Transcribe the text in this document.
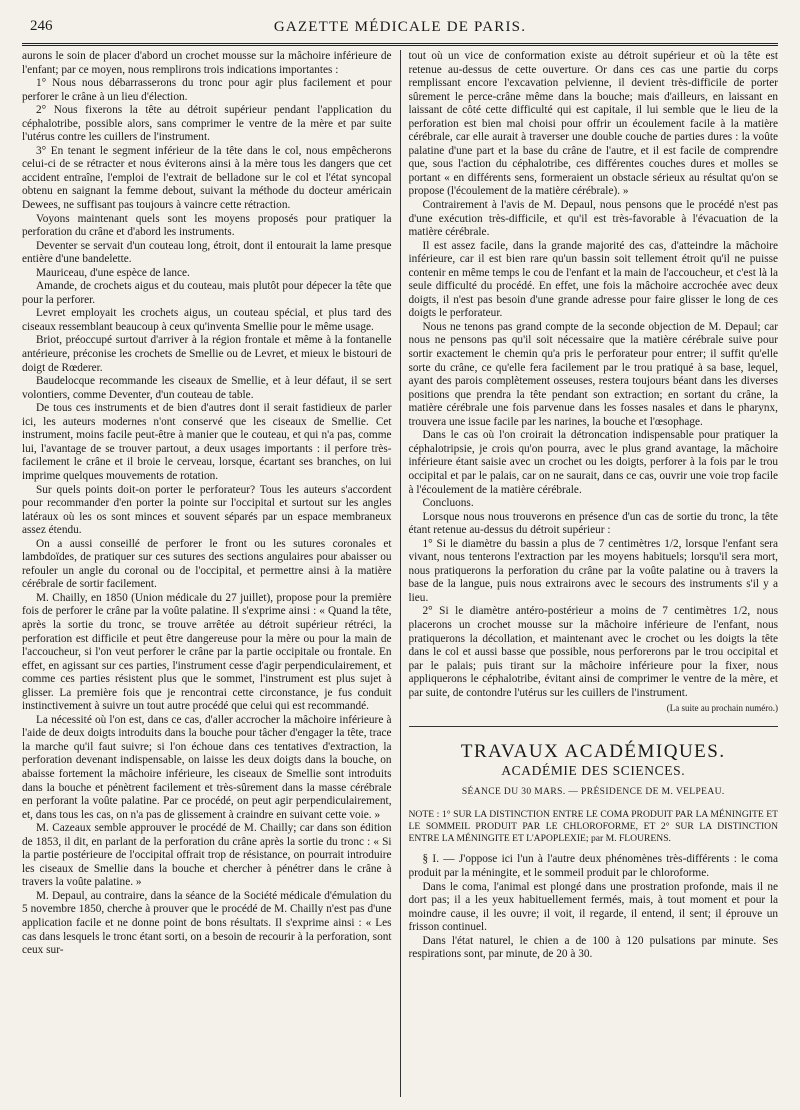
246	GAZETTE MÉDICALE DE PARIS.

aurons le soin de placer d'abord un crochet mousse sur la mâchoire inférieure de l'enfant; par ce moyen, nous remplirons trois indications importantes :

1° Nous nous débarrasserons du tronc pour agir plus facilement et pour perforer le crâne à un lieu d'élection.

2° Nous fixerons la tête au détroit supérieur pendant l'application du céphalotribe, possible alors, sans comprimer le ventre de la mère et par suite l'utérus contre les cuillers de l'instrument.

3° En tenant le segment inférieur de la tête dans le col, nous empêcherons celui-ci de se rétracter et nous éviterons ainsi à la mère tous les dangers que cet accident entraîne, l'emploi de l'extrait de belladone sur le col et l'état syncopal obtenu en saignant la femme debout, suivant la méthode du docteur américain Dewees, ne suffisant pas toujours à vaincre cette rétraction.

Voyons maintenant quels sont les moyens proposés pour pratiquer la perforation du crâne et d'abord les instruments.

Deventer se servait d'un couteau long, étroit, dont il entourait la lame presque entière d'une bandelette.

Mauriceau, d'une espèce de lance.

Amande, de crochets aigus et du couteau, mais plutôt pour dépecer la tête que pour la perforer.

Levret employait les crochets aigus, un couteau spécial, et plus tard des ciseaux ressemblant beaucoup à ceux qu'inventa Smellie pour le même usage.

Briot, préoccupé surtout d'arriver à la région frontale et même à la fontanelle antérieure, préconise les crochets de Smellie ou de Levret, et mieux le bistouri de doigt de Rœderer.

Baudelocque recommande les ciseaux de Smellie, et à leur défaut, il se sert volontiers, comme Deventer, d'un couteau de table.

De tous ces instruments et de bien d'autres dont il serait fastidieux de parler ici, les auteurs modernes n'ont conservé que les ciseaux de Smellie. Cet instrument, moins facile peut-être à manier que le couteau, et qui n'a pas, comme lui, l'avantage de se trouver partout, a deux usages importants : il perfore très-facilement le crâne et il broie le cerveau, lorsque, écartant ses branches, on lui imprime quelques mouvements de rotation.

Sur quels points doit-on porter le perforateur? Tous les auteurs s'accordent pour recommander d'en porter la pointe sur l'occipital et surtout sur les angles latéraux où les os sont minces et souvent séparés par un espace membraneux assez étendu.

On a aussi conseillé de perforer le front ou les sutures coronales et lambdoïdes, de pratiquer sur ces sutures des sections angulaires pour abaisser ou refouler un angle du coronal ou de l'occipital, et permettre ainsi à la matière cérébrale de sortir facilement.

M. Chailly, en 1850 (Union médicale du 27 juillet), propose pour la première fois de perforer le crâne par la voûte palatine. Il s'exprime ainsi : « Quand la tête, après la sortie du tronc, se trouve arrêtée au détroit supérieur rétréci, la perforation est difficile et peut être dangereuse pour la mère ou pour la main de l'accoucheur, si l'on veut perforer le crâne par la partie occipitale ou frontale. En effet, en agissant sur ces parties, l'instrument cesse d'agir perpendiculairement, et comme ces parties résistent plus que le sommet, l'instrument est plus sujet à glisser. La première fois que je rencontrai cette circonstance, je fus conduit instinctivement à suivre un tout autre procédé que celui qui est recommandé.

La nécessité où l'on est, dans ce cas, d'aller accrocher la mâchoire inférieure à l'aide de deux doigts introduits dans la bouche pour tâcher d'engager la tête, trace la marche qu'il faut suivre; si l'on échoue dans ces tentatives d'extraction, la perforation devenant indispensable, on laisse les deux doigts dans la bouche, on abaisse fortement la mâchoire inférieure, les ciseaux de Smellie sont introduits dans la bouche et pénètrent facilement et très-sûrement dans la masse cérébrale en perforant la voûte palatine. Par ce procédé, on peut agir perpendiculairement, et, dans tous les cas, on n'a pas de glissement à craindre en suivant cette voie. »

M. Cazeaux semble approuver le procédé de M. Chailly; car dans son édition de 1853, il dit, en parlant de la perforation du crâne après la sortie du tronc : « Si la partie postérieure de l'occipital offrait trop de résistance, on pourrait introduire les ciseaux de Smellie dans la bouche et chercher à pénétrer dans le crâne à travers la voûte palatine. »

M. Depaul, au contraire, dans la séance de la Société médicale d'émulation du 5 novembre 1850, cherche à prouver que le procédé de M. Chailly n'est pas d'une application facile et ne donne point de bons résultats. Il s'exprime ainsi : « Les cas dans lesquels le tronc étant sorti, on a besoin de recourir à la perforation, sont ceux sur-

tout où un vice de conformation existe au détroit supérieur et où la tête est retenue au-dessus de cette ouverture. Or dans ces cas une partie du corps remplissant encore l'excavation pelvienne, il devient très-difficile de porter sûrement le perce-crâne même dans la bouche; mais d'ailleurs, en laissant en laissant de côté cette difficulté qui est capitale, il lui semble que le lieu de la perforation est bien mal choisi pour offrir un écoulement facile à la matière cérébrale, car elle aurait à traverser une double couche de parties dures : la voûte palatine d'une part et la base du crâne de l'autre, et il est facile de comprendre que, sous l'action du céphalotribe, ces différentes couches dures et molles se portant « en différents sens, formeraient un obstacle sérieux au résultat qu'on se propose (l'écoulement de la matière cérébrale). »

Contrairement à l'avis de M. Depaul, nous pensons que le procédé n'est pas d'une exécution très-difficile, et qu'il est très-favorable à l'évacuation de la matière cérébrale.

Il est assez facile, dans la grande majorité des cas, d'atteindre la mâchoire inférieure, car il est bien rare qu'un bassin soit tellement étroit qu'il ne puisse contenir en même temps le cou de l'enfant et la main de l'accoucheur, et c'est là la seule difficulté du procédé. En effet, une fois la mâchoire accrochée avec deux doigts, il n'est pas besoin d'une grande adresse pour faire glisser le long de ces doigts le perforateur.

Nous ne tenons pas grand compte de la seconde objection de M. Depaul; car nous ne pensons pas qu'il soit nécessaire que la matière cérébrale suive pour sortir exactement le chemin qu'a pris le perforateur pour entrer; il suffit qu'elle sorte du crâne, ce qu'elle fera facilement par le trou pratiqué à sa base, lequel, ayant des parois complètement osseuses, restera toujours béant dans les diverses positions que prendra la tête pendant son extraction; en sortant du crâne, la matière cérébrale une fois parvenue dans les fosses nasales et dans le pharynx, trouvera une issue facile par les narines, la bouche et l'œsophage.

Dans le cas où l'on croirait la détroncation indispensable pour pratiquer la céphalotripsie, je crois qu'on pourra, avec le plus grand avantage, la mâchoire inférieure étant saisie avec un crochet ou les doigts, perforer à la fois par le trou occipital et par le palais, car on ne saurait, dans ce cas, ouvrir une voie trop facile à l'écoulement de la matière cérébrale.

Concluons.

Lorsque nous nous trouverons en présence d'un cas de sortie du tronc, la tête étant retenue au-dessus du détroit supérieur :

1° Si le diamètre du bassin a plus de 7 centimètres 1/2, lorsque l'enfant sera vivant, nous tenterons l'extraction par les moyens habituels; lorsqu'il sera mort, nous pratiquerons la perforation du crâne par la voûte palatine ou à travers la base de la langue, puis nous extrairons avec le secours des instruments s'il y a lieu.

2° Si le diamètre antéro-postérieur a moins de 7 centimètres 1/2, nous placerons un crochet mousse sur la mâchoire inférieure de l'enfant, nous pratiquerons la décollation, et maintenant avec le crochet ou les doigts la tête dans le col et aussi basse que possible, nous perforerons par le trou occipital et par le palais; puis tirant sur la mâchoire inférieure pour la fixer, nous appliquerons le céphalotribe, évitant ainsi de comprimer le ventre de la mère, et par suite, de contondre l'utérus sur les cuillers de l'instrument.

(La suite au prochain numéro.)

TRAVAUX ACADÉMIQUES.
ACADÉMIE DES SCIENCES.
SÉANCE DU 30 MARS. — PRÉSIDENCE DE M. VELPEAU.

NOTE : 1° SUR LA DISTINCTION ENTRE LE COMA PRODUIT PAR LA MÉNINGITE ET LE SOMMEIL PRODUIT PAR LE CHLOROFORME, ET 2° SUR LA DISTINCTION ENTRE LA MÉNINGITE ET L'APOPLEXIE; par M. FLOURENS.

§ I. — J'oppose ici l'un à l'autre deux phénomènes très-différents : le coma produit par la méningite, et le sommeil produit par le chloroforme.

Dans le coma, l'animal est plongé dans une prostration profonde, mais il ne dort pas; il a les yeux habituellement fermés, mais, à tout moment et pour la moindre cause, il les ouvre; il voit, il regarde, il entend, il sent; il éprouve un frisson continuel.

Dans l'état naturel, le chien a de 100 à 120 pulsations par minute. Ses respirations sont, par minute, de 20 à 30.
